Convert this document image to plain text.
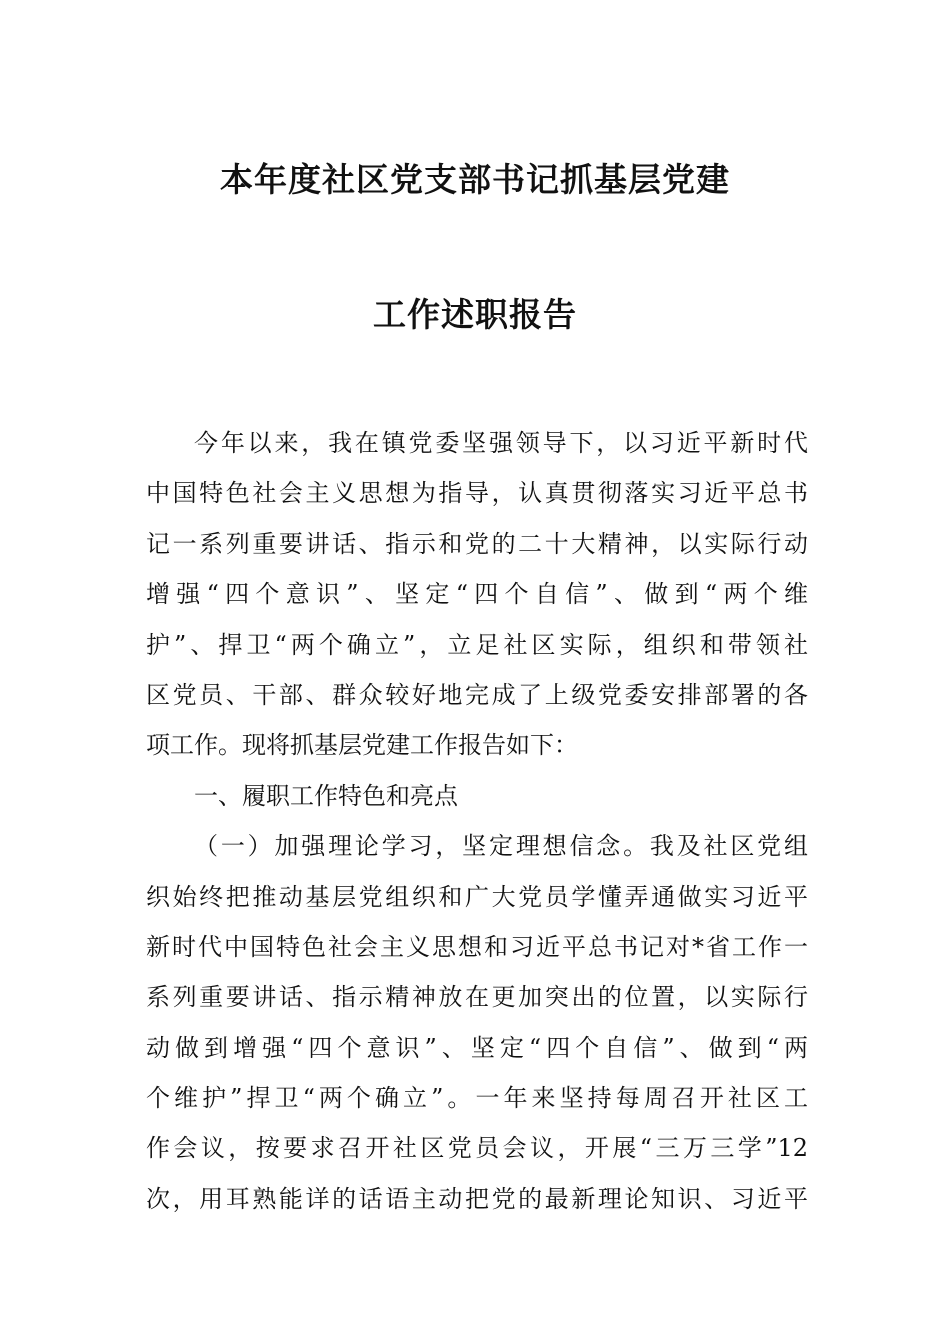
本年度社区党支部书记抓基层党建
工作述职报告
今年以来，我在镇党委坚强领导下，以习近平新时代
中国特色社会主义思想为指导，认真贯彻落实习近平总书
记一系列重要讲话、指示和党的二十大精神，以实际行动
增强“四个意识”、坚定“四个自信”、做到“两个维
护”、捍卫“两个确立”，立足社区实际，组织和带领社
区党员、干部、群众较好地完成了上级党委安排部署的各
项工作。现将抓基层党建工作报告如下：
一、履职工作特色和亮点
（一）加强理论学习，坚定理想信念。我及社区党组
织始终把推动基层党组织和广大党员学懂弄通做实习近平
新时代中国特色社会主义思想和习近平总书记对*省工作一
系列重要讲话、指示精神放在更加突出的位置，以实际行
动做到增强“四个意识”、坚定“四个自信”、做到“两
个维护”捍卫“两个确立”。一年来坚持每周召开社区工
作会议，按要求召开社区党员会议，开展“三万三学”12
次，用耳熟能详的话语主动把党的最新理论知识、习近平
